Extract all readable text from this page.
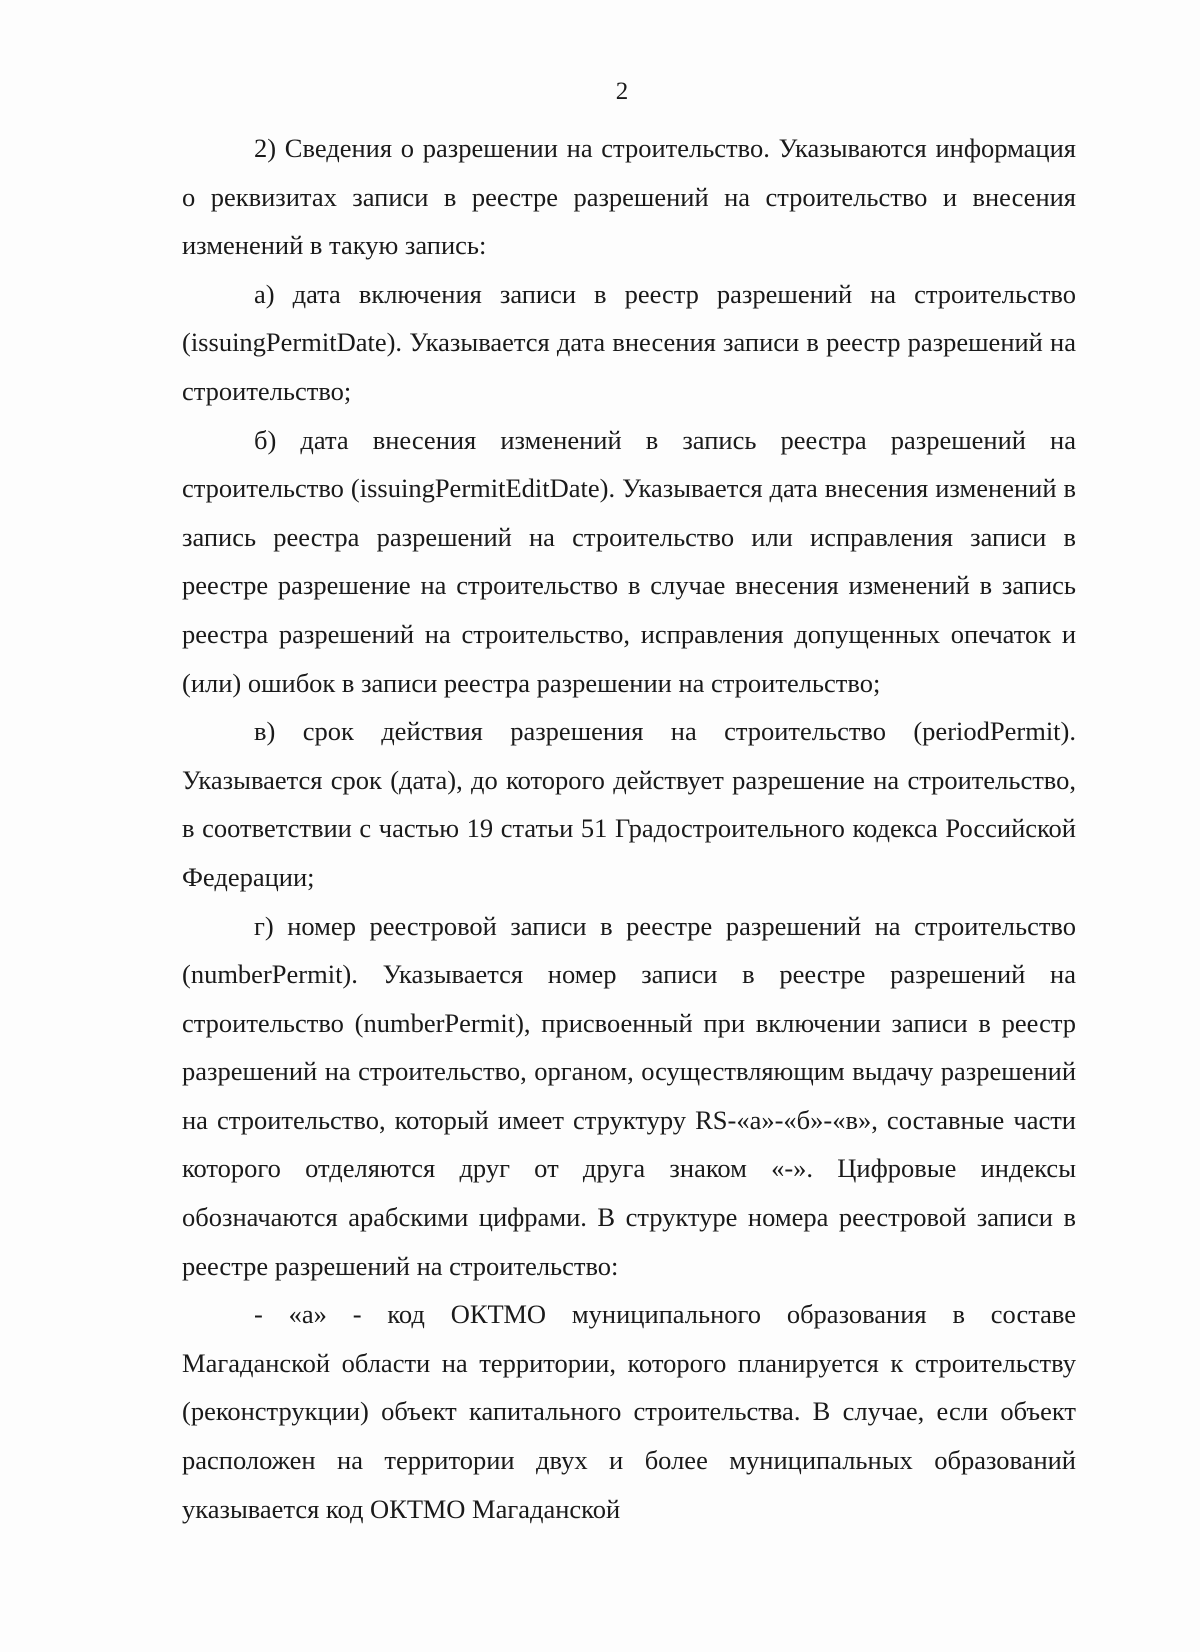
2

2) Сведения о разрешении на строительство. Указываются информация о реквизитах записи в реестре разрешений на строительство и внесения изменений в такую запись:

а) дата включения записи в реестр разрешений на строительство (issuingPermitDate). Указывается дата внесения записи в реестр разрешений на строительство;

б) дата внесения изменений в запись реестра разрешений на строительство (issuingPermitEditDate). Указывается дата внесения изменений в запись реестра разрешений на строительство или исправления записи в реестре разрешение на строительство в случае внесения изменений в запись реестра разрешений на строительство, исправления допущенных опечаток и (или) ошибок в записи реестра разрешении на строительство;

в) срок действия разрешения на строительство (periodPermit). Указывается срок (дата), до которого действует разрешение на строительство, в соответствии с частью 19 статьи 51 Градостроительного кодекса Российской Федерации;

г) номер реестровой записи в реестре разрешений на строительство (numberPermit). Указывается номер записи в реестре разрешений на строительство (numberPermit), присвоенный при включении записи в реестр разрешений на строительство, органом, осуществляющим выдачу разрешений на строительство, который имеет структуру RS-«а»-«б»-«в», составные части которого отделяются друг от друга знаком «-». Цифровые индексы обозначаются арабскими цифрами. В структуре номера реестровой записи в реестре разрешений на строительство:

- «а» - код ОКТМО муниципального образования в составе Магаданской области на территории, которого планируется к строительству (реконструкции) объект капитального строительства. В случае, если объект расположен на территории двух и более муниципальных образований указывается код ОКТМО Магаданской
